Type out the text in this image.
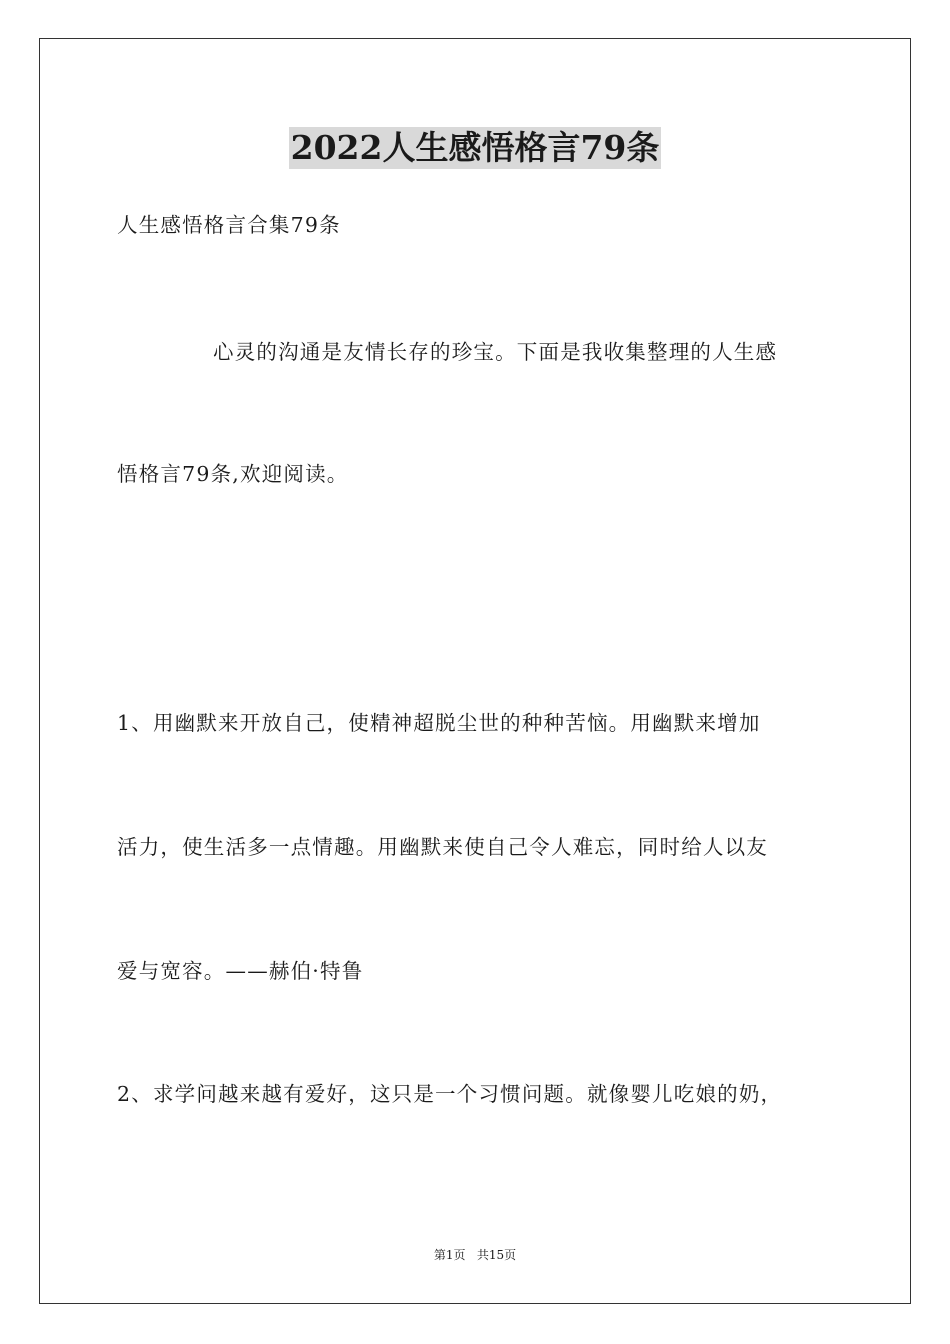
2022人生感悟格言79条
人生感悟格言合集79条
心灵的沟通是友情长存的珍宝。下面是我收集整理的人生感
悟格言79条,欢迎阅读。
1、用幽默来开放自己，使精神超脱尘世的种种苦恼。用幽默来增加
活力，使生活多一点情趣。用幽默来使自己令人难忘，同时给人以友
爱与宽容。——赫伯·特鲁
2、求学问越来越有爱好，这只是一个习惯问题。就像婴儿吃娘的奶，
第1页   共15页
